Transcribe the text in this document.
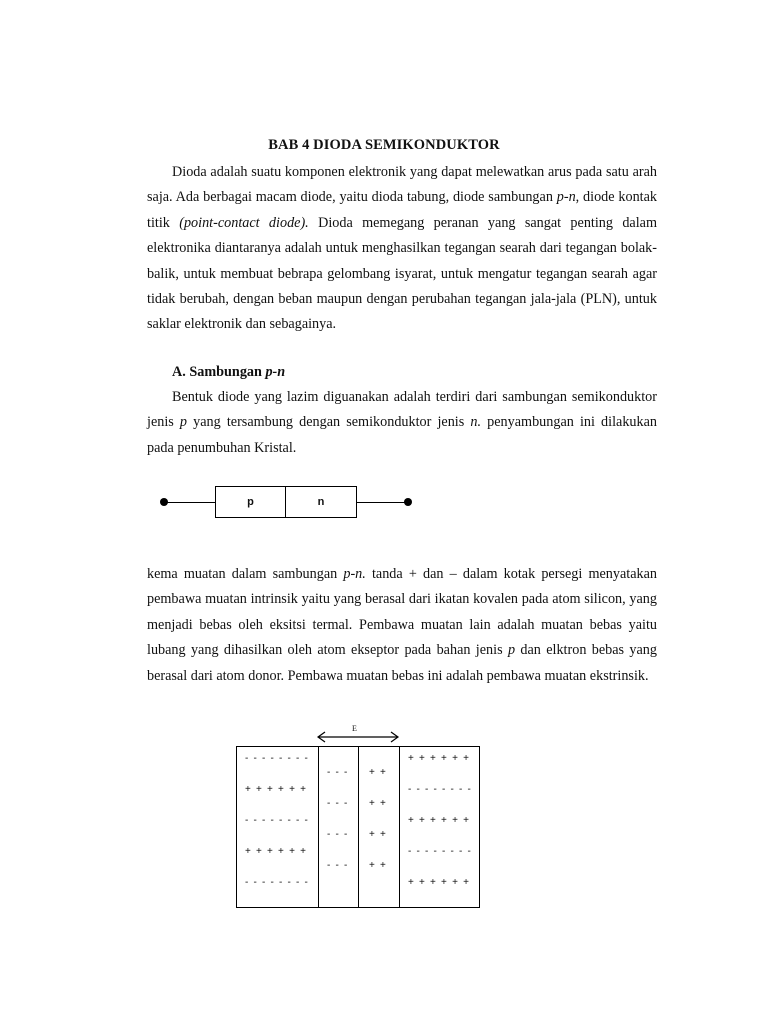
BAB 4 DIODA SEMIKONDUKTOR

Dioda adalah suatu komponen elektronik yang dapat melewatkan arus pada satu arah saja. Ada berbagai macam diode, yaitu dioda tabung, diode sambungan p-n, diode kontak titik (point-contact diode). Dioda memegang peranan yang sangat penting dalam elektronika diantaranya adalah untuk menghasilkan tegangan searah dari tegangan bolak-balik, untuk membuat bebrapa gelombang isyarat, untuk mengatur tegangan searah agar tidak berubah, dengan beban maupun dengan perubahan tegangan jala-jala (PLN), untuk saklar elektronik dan sebagainya.

A. Sambungan p-n

Bentuk diode yang lazim diguanakan adalah terdiri dari sambungan semikonduktor jenis p yang tersambung dengan semikonduktor jenis n. penyambungan ini dilakukan pada penumbuhan Kristal.

p	n

kema muatan dalam sambungan p-n. tanda + dan – dalam kotak persegi menyatakan pembawa muatan intrinsik yaitu yang berasal dari ikatan kovalen pada atom silicon, yang menjadi bebas oleh eksitsi termal. Pembawa muatan lain adalah muatan bebas yaitu lubang yang dihasilkan oleh atom ekseptor pada bahan jenis p dan elktron bebas yang berasal dari atom donor. Pembawa muatan bebas ini adalah pembawa muatan ekstrinsik.

E
- - - - - - - -
+ + + + + +
- - - - - - - -
+ + + + + +
- - - - - - - -
- - -
- - -
- - -
- - -
+ +
+ +
+ +
+ +
+ + + + + +
- - - - - - - -
+ + + + + +
- - - - - - - -
+ + + + + +
